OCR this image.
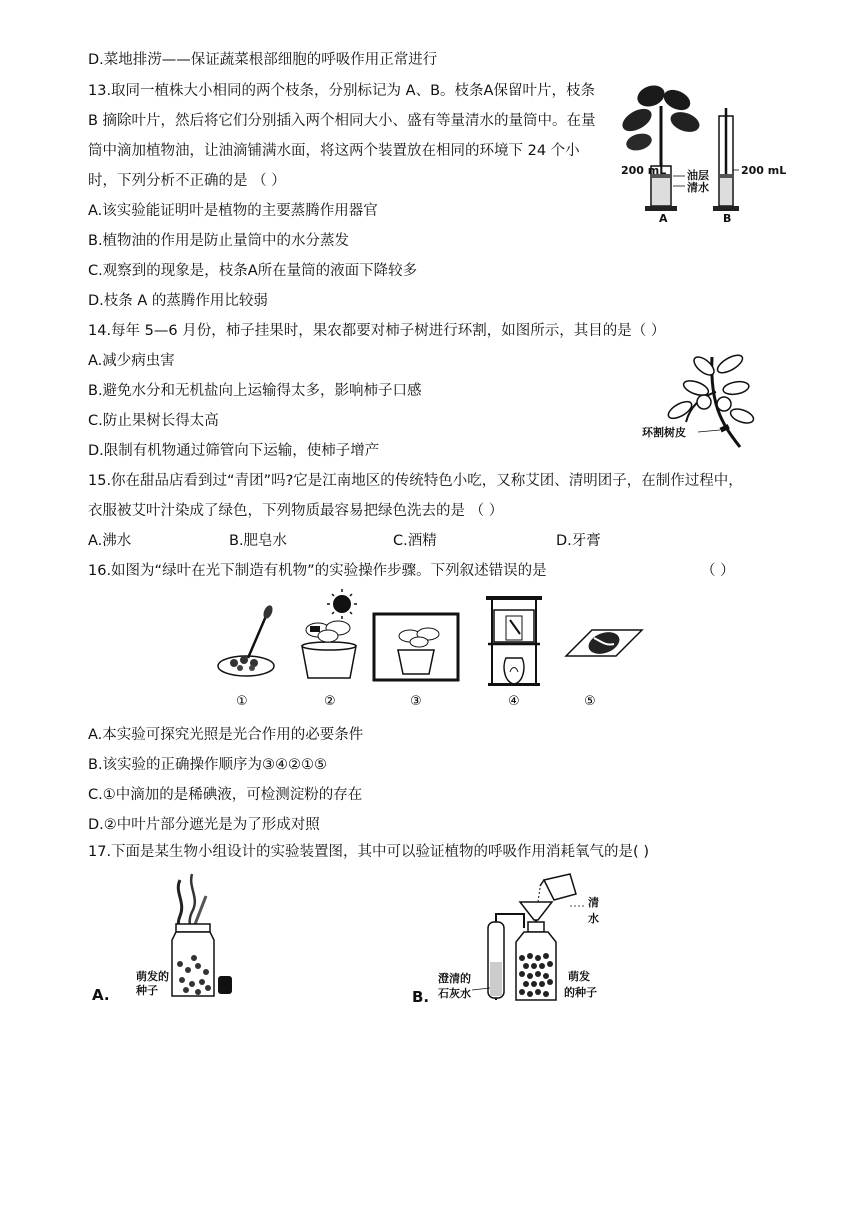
D.菜地排涝——保证蔬菜根部细胞的呼吸作用正常进行
13.取同一植株大小相同的两个枝条，分别标记为 A、B。枝条A保留叶片，枝条
B 摘除叶片，然后将它们分别插入两个相同大小、盛有等量清水的量筒中。在量
筒中滴加植物油，让油滴铺满水面，将这两个装置放在相同的环境下 24 个小
时，下列分析不正确的是 （ ）
A.该实验能证明叶是植物的主要蒸腾作用器官
B.植物油的作用是防止量筒中的水分蒸发
C.观察到的现象是，枝条A所在量筒的液面下降较多
D.枝条 A 的蒸腾作用比较弱
200 mL 油层
清水
200 mL
A	B
14.每年 5—6 月份，柿子挂果时，果农都要对柿子树进行环割，如图所示，其目的是（ ）
A.减少病虫害
B.避免水分和无机盐向上运输得太多，影响柿子口感
C.防止果树长得太高
D.限制有机物通过筛管向下运输，使柿子增产
环割树皮
15.你在甜品店看到过“青团”吗?它是江南地区的传统特色小吃，又称艾团、清明团子，在制作过程中，
衣服被艾叶汁染成了绿色，下列物质最容易把绿色洗去的是 （ ）
A.沸水	B.肥皂水	C.酒精	D.牙膏
16.如图为“绿叶在光下制造有机物”的实验操作步骤。下列叙述错误的是	（ ）
①	②	③	④	⑤
A.本实验可探究光照是光合作用的必要条件
B.该实验的正确操作顺序为③④②①⑤
C.①中滴加的是稀碘液，可检测淀粉的存在
D.②中叶片部分遮光是为了形成对照
17.下面是某生物小组设计的实验装置图，其中可以验证植物的呼吸作用消耗氧气的是( )
A.
萌发的
种子	B.
澄清的
石灰水
清
水
萌发
的种子
